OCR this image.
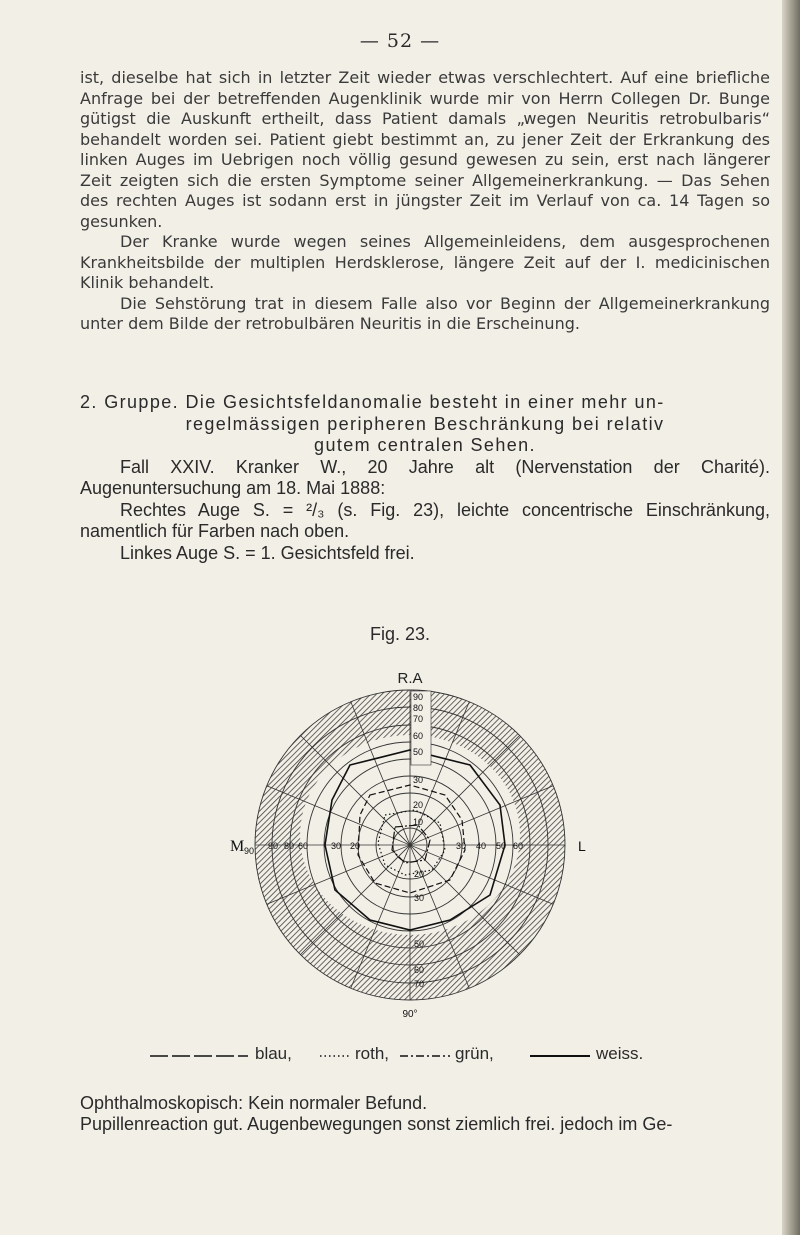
— 52 —

ist, dieselbe hat sich in letzter Zeit wieder etwas verschlechtert. Auf eine briefliche Anfrage bei der betreffenden Augenklinik wurde mir von Herrn Collegen Dr. Bunge gütigst die Auskunft ertheilt, dass Patient damals „wegen Neuritis retrobulbaris“ behandelt worden sei. Patient giebt bestimmt an, zu jener Zeit der Erkrankung des linken Auges im Uebrigen noch völlig gesund gewesen zu sein, erst nach längerer Zeit zeigten sich die ersten Symptome seiner Allgemeinerkrankung. — Das Sehen des rechten Auges ist sodann erst in jüngster Zeit im Verlauf von ca. 14 Tagen so gesunken.

Der Kranke wurde wegen seines Allgemeinleidens, dem ausgesprochenen Krankheitsbilde der multiplen Herdsklerose, längere Zeit auf der I. medicinischen Klinik behandelt.

Die Sehstörung trat in diesem Falle also vor Beginn der Allgemeinerkrankung unter dem Bilde der retrobulbären Neuritis in die Erscheinung.

2. Gruppe. Die Gesichtsfeldanomalie besteht in einer mehr un-
regelmässigen peripheren Beschränkung bei relativ
gutem centralen Sehen.

Fall XXIV. Kranker W., 20 Jahre alt (Nervenstation der Charité). Augenuntersuchung am 18. Mai 1888:

Rechtes Auge S. = ²/₃ (s. Fig. 23), leichte concentrische Einschränkung, namentlich für Farben nach oben.

Linkes Auge S. = 1. Gesichtsfeld frei.

Fig. 23.
R.A
90
80
70
60
50
30
20
10
90 80 60	30 20	30 40 50 60
20
30
50
60
70
M 90	L
90°
blau,	roth,	grün,	weiss.

Ophthalmoskopisch: Kein normaler Befund.

Pupillenreaction gut. Augenbewegungen sonst ziemlich frei. jedoch im Ge-
